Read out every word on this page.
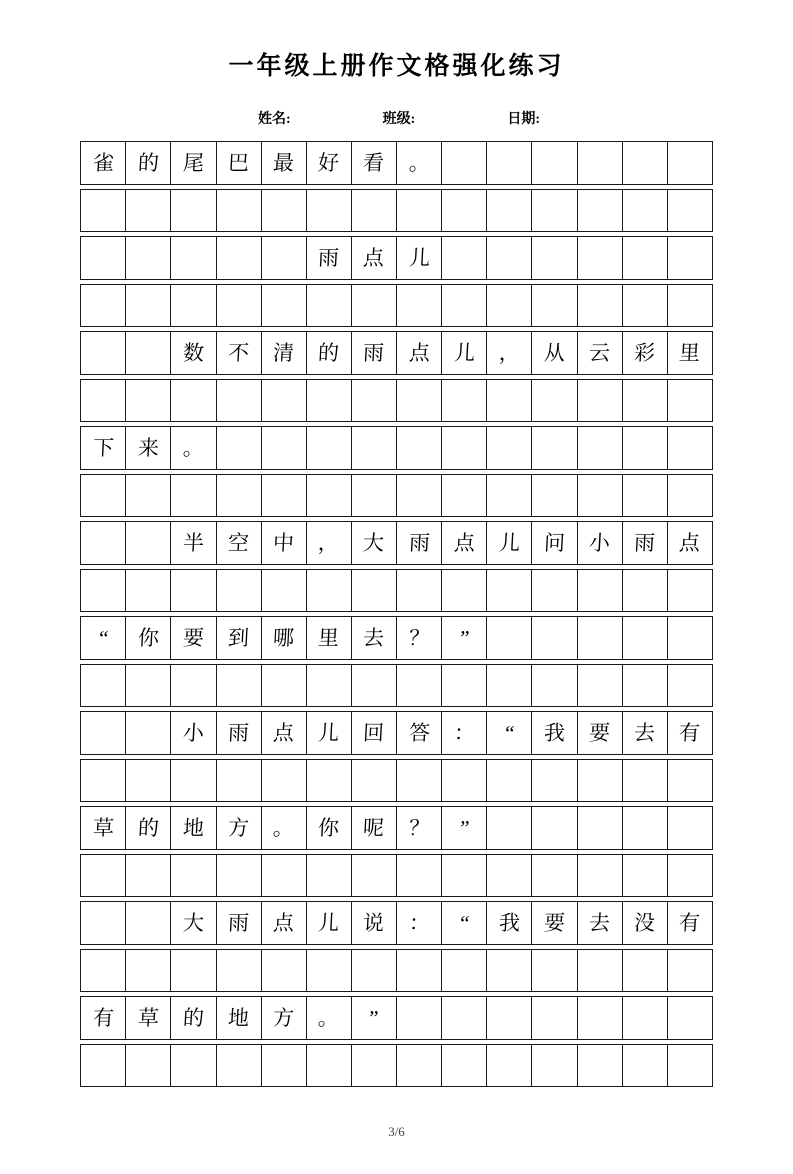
一年级上册作文格强化练习
姓名:	班级:	日期:
雀	的	尾	巴	最	好	看	。						

					雨	点	儿						

		数	不	清	的	雨	点	儿	，	从	云	彩	里

下	来	。											

		半	空	中	，	大	雨	点	儿	问	小	雨	点

“	你	要	到	哪	里	去	？	”					

		小	雨	点	儿	回	答	：	“	我	要	去	有

草	的	地	方	。	你	呢	？	”					

		大	雨	点	儿	说	：	“	我	要	去	没	有

有	草	的	地	方	。	”							

3/6
